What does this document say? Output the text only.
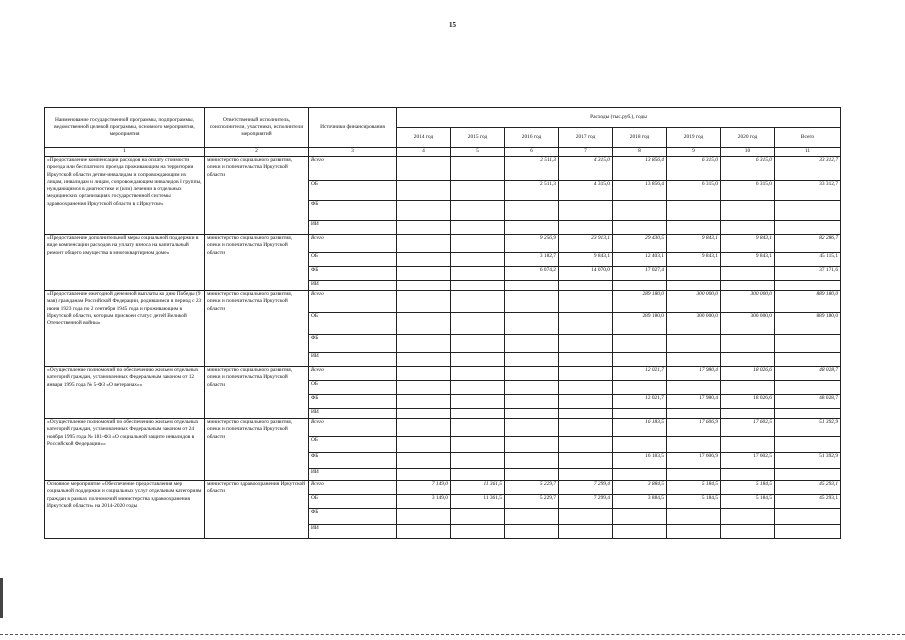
15
Наименование государственной программы, подпрограммы, ведомственной целевой программы, основного мероприятия, мероприятия	Ответственный исполнитель, соисполнители, участники, исполнители мероприятий	Источники финансирования	Расходы (тыс.руб.), годы							
			2014 год	2015 год	2016 год	2017 год	2018 год	2019 год	2020 год	Всего
1	2	3	4	5	6	7	8	9	10	11
«Предоставление компенсации расходов на оплату стоимости проезда или бесплатного проезда проживающим на территории Иркутской области детям-инвалидам и сопровождающим их лицам, инвалидам и лицам, сопровождающим инвалидов I группы, нуждающимся в диагностике и (или) лечении в отдельных медицинских организациях государственной системы здравоохранения Иркутской области в г.Иркутске»	министерство социального развития, опеки и попечительства Иркутской области	Всего			2 511,3	4 315,0	13 856,4	6 315,0	6 315,0	33 312,7
		ОБ			2 511,3	4 315,0	13 856,4	6 315,0	6 315,0	33 312,7
		ФБ								
		ИИ								
«Предоставление дополнительной меры социальной поддержки в виде компенсации расходов на уплату взноса на капитальный ремонт общего имущества в многоквартирном доме»	министерство социального развития, опеки и попечительства Иркутской области	Всего			9 256,9	23 913,1	29 430,5	9 843,1	9 843,1	82 286,7
		ОБ			3 182,7	9 843,1	12 403,1	9 843,1	9 843,1	45 115,1
		ФБ			6 074,2	14 070,0	17 027,4			37 171,6
		ИИ								
«Предоставление ежегодной денежной выплаты ко дню Победы (9 мая) гражданам Российской Федерации, родившимся в период с 23 июня 1923 года по 2 сентября 1945 года и проживающим в Иркутской области, которым присвоен статус детей Великой Отечественной войны»	министерство социального развития, опеки и попечительства Иркутской области	Всего					289 180,0	300 000,0	300 000,0	889 180,0
		ОБ					289 180,0	300 000,0	300 000,0	889 180,0
		ФБ								
		ИИ								
«Осуществление полномочий по обеспечению жильем отдельных категорий граждан, установленных Федеральным законом от 12 января 1995 года № 5-ФЗ «О ветеранах»»	министерство социального развития, опеки и попечительства Иркутской области	Всего					12 021,7	17 980,4	18 026,6	48 028,7
		ОБ								
		ФБ					12 021,7	17 980,4	18 026,6	48 028,7
		ИИ								
«Осуществление полномочий по обеспечению жильем отдельных категорий граждан, установленных Федеральным законом от 24 ноября 1995 года № 181-ФЗ «О социальной защите инвалидов в Российской Федерации»»	министерство социального развития, опеки и попечительства Иркутской области	Всего					16 183,5	17 606,9	17 602,5	51 392,9
		ОБ								
		ФБ					16 183,5	17 606,9	17 602,5	51 392,9
		ИИ								
Основное мероприятие «Обеспечение предоставления мер социальной поддержки и социальных услуг отдельным категориям граждан в рамках полномочий министерства здравоохранения Иркутской области» на 2014-2020 годы	министерство здравоохранения Иркутской области	Всего	7 149,0	11 361,5	5 229,7	7 299,4	3 884,5	5 184,5	5 184,5	45 293,1
		ОБ	3 149,0	11 361,5	5 229,7	7 299,4	3 884,5	5 184,5	5 184,5	45 293,1
		ФБ								
		ИИ								
